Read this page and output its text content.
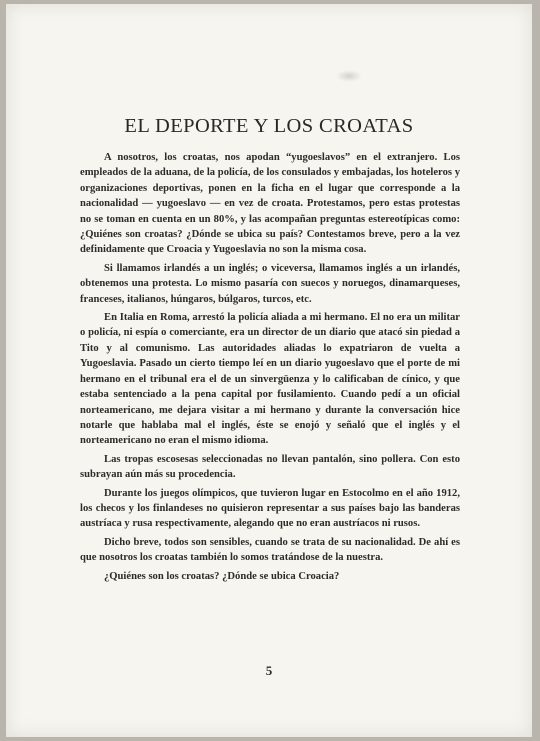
EL DEPORTE Y LOS CROATAS

A nosotros, los croatas, nos apodan “yugoeslavos” en el extranjero. Los empleados de la aduana, de la policía, de los consulados y embajadas, los hoteleros y organizaciones deportivas, ponen en la ficha en el lugar que corresponde a la nacionalidad — yugoeslavo — en vez de croata. Protestamos, pero estas protestas no se toman en cuenta en un 80%, y las acompañan preguntas estereotípicas como: ¿Quiénes son croatas? ¿Dónde se ubica su país? Contestamos breve, pero a la vez definidamente que Croacia y Yugoeslavia no son la misma cosa.

Si llamamos irlandés a un inglés; o viceversa, llamamos inglés a un irlandés, obtenemos una protesta. Lo mismo pasaría con suecos y noruegos, dinamarqueses, franceses, italianos, húngaros, búlgaros, turcos, etc.

En Italia en Roma, arrestó la policía aliada a mi hermano. El no era un militar o policía, ni espía o comerciante, era un director de un diario que atacó sin piedad a Tito y al comunismo. Las autoridades aliadas lo expatriaron de vuelta a Yugoeslavia. Pasado un cierto tiempo leí en un diario yugoeslavo que el porte de mi hermano en el tribunal era el de un sinvergüenza y lo calificaban de cínico, y que estaba sentenciado a la pena capital por fusilamiento. Cuando pedí a un oficial norteamericano, me dejara visitar a mi hermano y durante la conversación hice notarle que hablaba mal el inglés, éste se enojó y señaló que el inglés y el norteamericano no eran el mismo idioma.

Las tropas escosesas seleccionadas no llevan pantalón, sino pollera. Con esto subrayan aún más su procedencia.

Durante los juegos olímpicos, que tuvieron lugar en Estocolmo en el año 1912, los checos y los finlandeses no quisieron representar a sus países bajo las banderas austríaca y rusa respectivamente, alegando que no eran austríacos ni rusos.

Dicho breve, todos son sensibles, cuando se trata de su nacionalidad. De ahí es que nosotros los croatas también lo somos tratándose de la nuestra.

¿Quiénes son los croatas? ¿Dónde se ubica Croacia?

5
